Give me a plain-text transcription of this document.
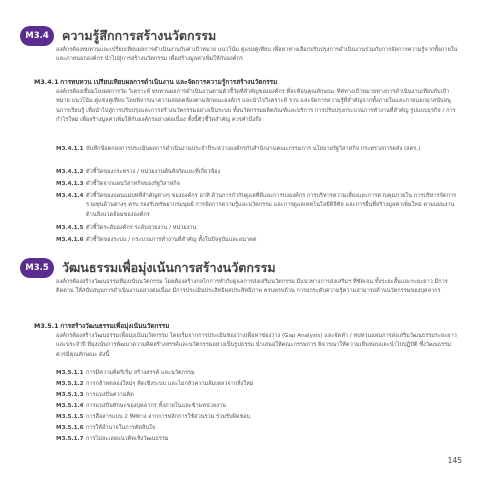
M3.4	ความรู้สึกการสร้างนวัตกรรม

องค์กรต้องทบทวนและเปรียบเทียบผลการดำเนินงานกับค่าเป้าหมาย แนวโน้ม คู่แข่งคู่เทียบ เพื่อหาทางเลือกปรับปรุงการดำเนินงานร่วมกับการจัดการความรู้จากทั้งภายในและภายนอกองค์กร นำไปสู่การสร้างนวัตกรรม เพื่อสร้างมูลค่าเพิ่มให้กับองค์กร

M3.4.1 การทบทวน เปรียบเทียบผลการดำเนินงาน และจัดการความรู้การสร้างนวัตกรรม

องค์กรต้องเชื่อมโยงผลการวัด วิเคราะห์ ทบทวนผลการดำเนินงานตามตัวชี้วัดที่สำคัญขององค์กร ที่สะท้อนคุณลักษณะ ทิศทางเป้าหมายทางการดำเนินงานเทียบกับเป้าหมาย แนวโน้ม คู่แข่งคู่เทียบ โดยพิจารณาความสอดคล้องตามลักษณะองค์กร และนำไปวิเคราะห์ รวบ และจัดการความรู้ที่สำคัญจากทั้งภายในและภายนอกมาสนับสนุนการเรียนรู้ เพื่อนำไปสู่การปรับปรุงและการสร้างนวัตกรรมอย่างเป็นระบบ ทั้งนวัตกรรมผลิตภัณฑ์และบริการ การปรับปรุงกระบวนการทำงานที่สำคัญ รูปแบบธุรกิจ / การกำไรใหม่ เพื่อสร้างมูลค่าเพิ่มให้กับองค์กรอย่างต่อเนื่อง ทั้งนี้ตัวชี้วัดสำคัญ ควรคำนึงถึง

M3.4.1.1 บันทึกข้อตกลงการประเมินผลการดำเนินงานประจำปีระหว่างองค์กรกับสำนักงานคณะกรรมการ นโยบายรัฐวิสาหกิจ กระทรวงการคลัง (สคร.)
M3.4.1.2 ตัวชี้วัดของกระทรวง / หน่วยงานต้นสังกัดและที่เกี่ยวข้อง
M3.4.1.3 ตัวชี้วัดจากแผนวิสาหกิจของรัฐวิสาหกิจ
M3.4.1.4 ตัวชี้วัดของแผนแม่บทที่สำคัญต่างๆ ขององค์กร อาทิ ด้านการกำกับดูแลที่ดีและการบ่งองค์กร การบริหารความเสี่ยงและการควบคุมภายใน การบริหารจัดการรวมทุนด้านต่างๆ ครบ รองรับทรัพยากรมนุษย์ การจัดการความรู้และนวัตกรรม และการดูแลเทคโนโลยีดิจิทัล และการอื่นที่สร้างมูลค่าเพิ่มใหม่ ตามแผนงานด้านสิ่งแวดล้อมขององค์กร
M3.4.1.5 ตัวชี้วัดระดับองค์กร ระดับสายงาน / หน่วยงาน
M3.4.1.6 ตัวชี้วัดของระบบ / กระบวนการทำงานที่สำคัญ ทั้งในปัจจุบันและอนาคต
M3.5	วัฒนธรรมเพื่อมุ่งเน้นการสร้างนวัตกรรม

องค์กรต้องสร้างวัฒนธรรมที่มุ่งเน้นนวัตกรรม โดยต้องสร้างกลไกการทำกับดูแลการส่งเสริมนวัตกรรม มีแนวทางการส่งเสริมฯ ที่ชัดเจน ทั้งระยะสั้นและระยะยาว มีการติดตาม ให้สนับสนุนการดำเนินงานอย่างต่อเนื่อง มีการประเมินประสิทธิผลประสิทธิภาพ ครบครบถ้วน การยกระดับความรู้ความสามารถด้านนวัตกรรมของบุคลากร

M3.5.1 การสร้างวัฒนธรรมเพื่อมุ่งเน้นนวัตกรรม

องค์กรต้องสร้างวัฒนธรรมเพื่อมุ่งเน้นนวัตกรรม โดยเริ่มจากการประเมินช่องว่างเพื่อหาช่องว่าง (Gap Analysis) และจัดทำ / ทบทวนแผนการส่งเสริมวัฒนธรรมระยะยาวและประจำปี ที่มุ่งเน้นการพัฒนาความคิดสร้างสรรค์และนวัตกรรมอย่างเป็นรูปธรรม นำเสนอให้คณะกรรมการ พิจารณาให้ความเห็นชอบและนำไปปฏิบัติ ซึ่งวัฒนธรรม ควรมีคุณลักษณะ ดังนี้

M3.5.1.1 การมีความคิดริเริ่ม สร้างสรรค์ และนวัตกรรม
M3.5.1.2 การกล้าทดลองใหม่ๆ คิดเชิงระบบ และไม่กลัวความล้มเหลวจากสิ่งใหม่
M3.5.1.3 การแบ่งปันความคิด
M3.5.1.4 การแบ่งปันทักษะของบุคลากร ทั้งภายในและข้ามหน่วยงาน
M3.5.1.5 การสื่อสารแบบ 2 ทิศทาง จากการหลักการใช้ส่วนร่วม ร่วมรับผิดชอบ
M3.5.1.6 การให้อำนาจในการตัดสินใจ
M3.5.1.7 การไม่ละเลยแนวคิดเชิงวัฒนธรรม
145
